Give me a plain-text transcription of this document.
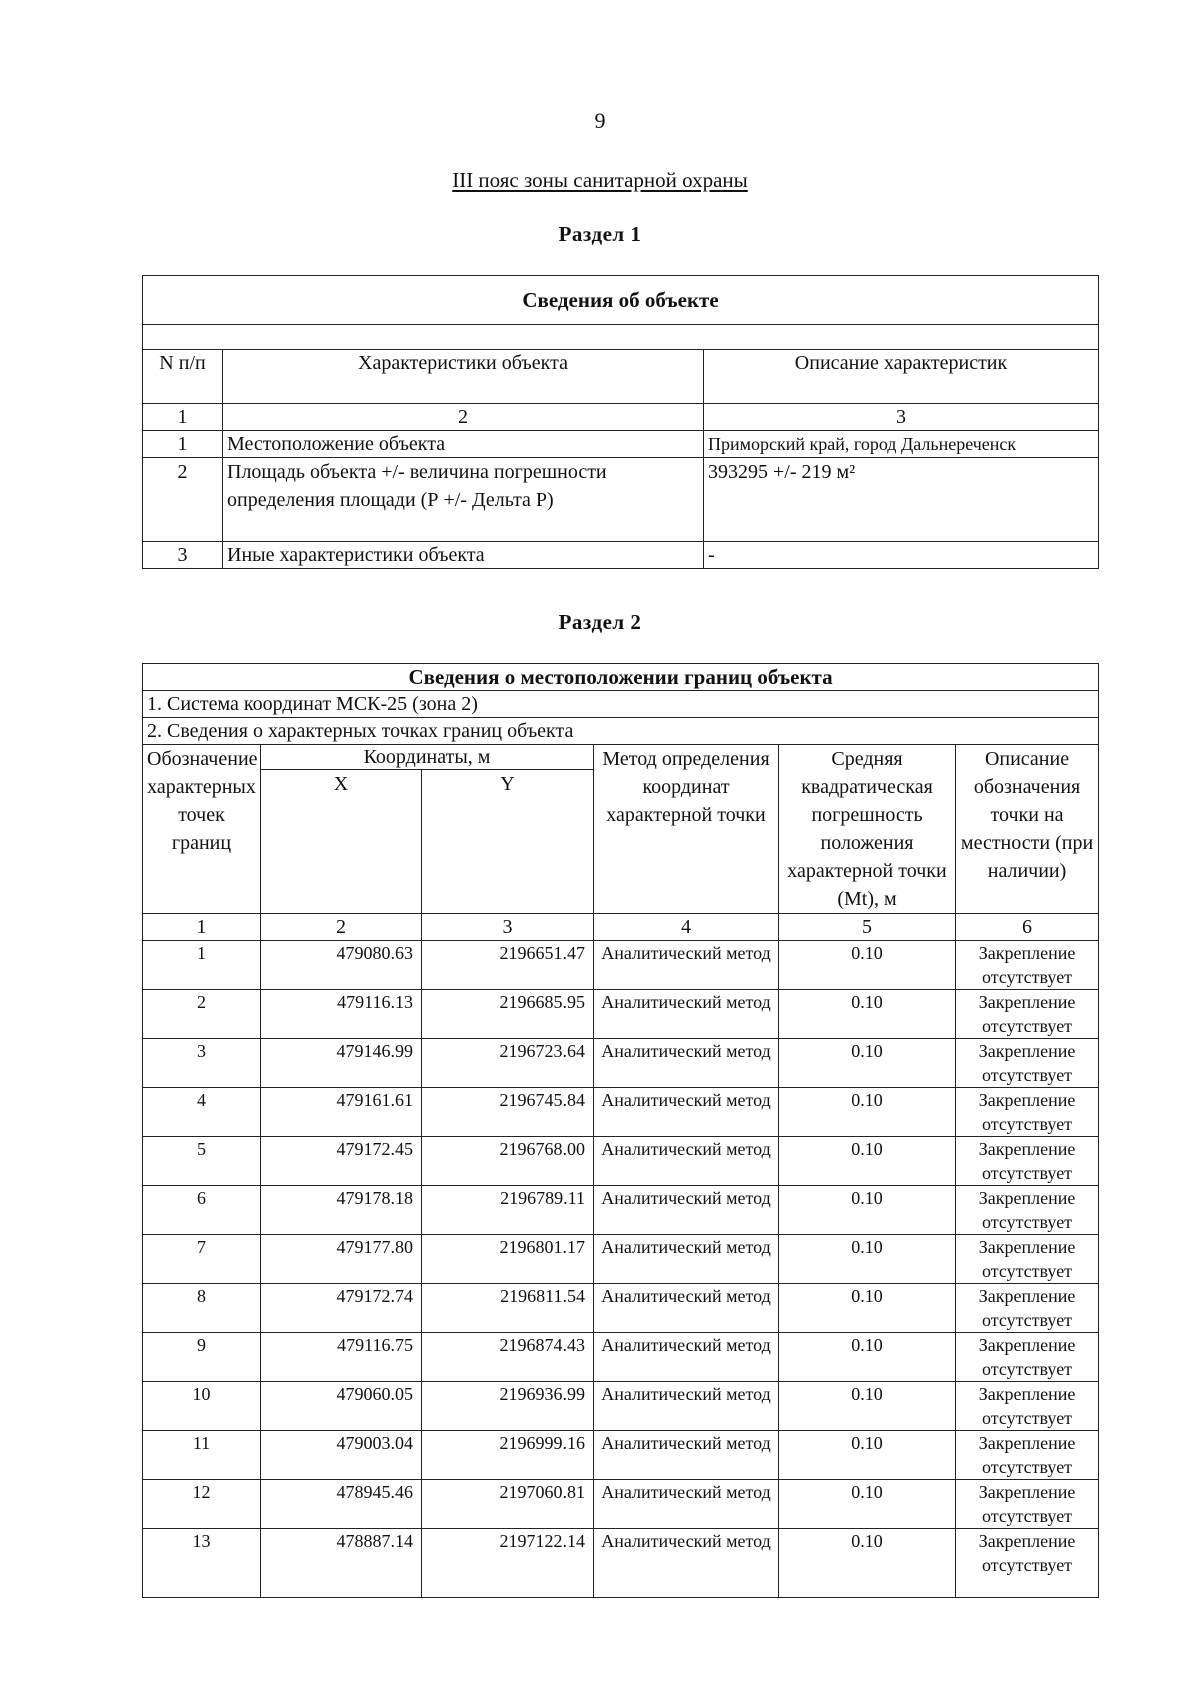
9
III пояс зоны санитарной охраны
Раздел 1
Сведения об объекте		

N п/п	Характеристики объекта	Описание характеристик
1	2	3
1	Местоположение объекта	Приморский край, город Дальнереченск
2	Площадь объекта +/- величина погрешности определения площади (Р +/- Дельта Р)	393295 +/- 219 м²
3	Иные характеристики объекта	-
Раздел 2
Сведения о местоположении границ объекта					
1. Система координат МСК-25 (зона 2)					
2. Сведения о характерных точках границ объекта					
Обозначение характерных точек границ	Координаты, м		Метод определения координат характерной точки	Средняя квадратическая погрешность положения характерной точки (Mt), м	Описание обозначения точки на местности (при наличии)
	X	Y			
1	2	3	4	5	6
1	479080.63	2196651.47	Аналитический метод	0.10	Закрепление отсутствует
2	479116.13	2196685.95	Аналитический метод	0.10	Закрепление отсутствует
3	479146.99	2196723.64	Аналитический метод	0.10	Закрепление отсутствует
4	479161.61	2196745.84	Аналитический метод	0.10	Закрепление отсутствует
5	479172.45	2196768.00	Аналитический метод	0.10	Закрепление отсутствует
6	479178.18	2196789.11	Аналитический метод	0.10	Закрепление отсутствует
7	479177.80	2196801.17	Аналитический метод	0.10	Закрепление отсутствует
8	479172.74	2196811.54	Аналитический метод	0.10	Закрепление отсутствует
9	479116.75	2196874.43	Аналитический метод	0.10	Закрепление отсутствует
10	479060.05	2196936.99	Аналитический метод	0.10	Закрепление отсутствует
11	479003.04	2196999.16	Аналитический метод	0.10	Закрепление отсутствует
12	478945.46	2197060.81	Аналитический метод	0.10	Закрепление отсутствует
13	478887.14	2197122.14	Аналитический метод	0.10	Закрепление отсутствует
